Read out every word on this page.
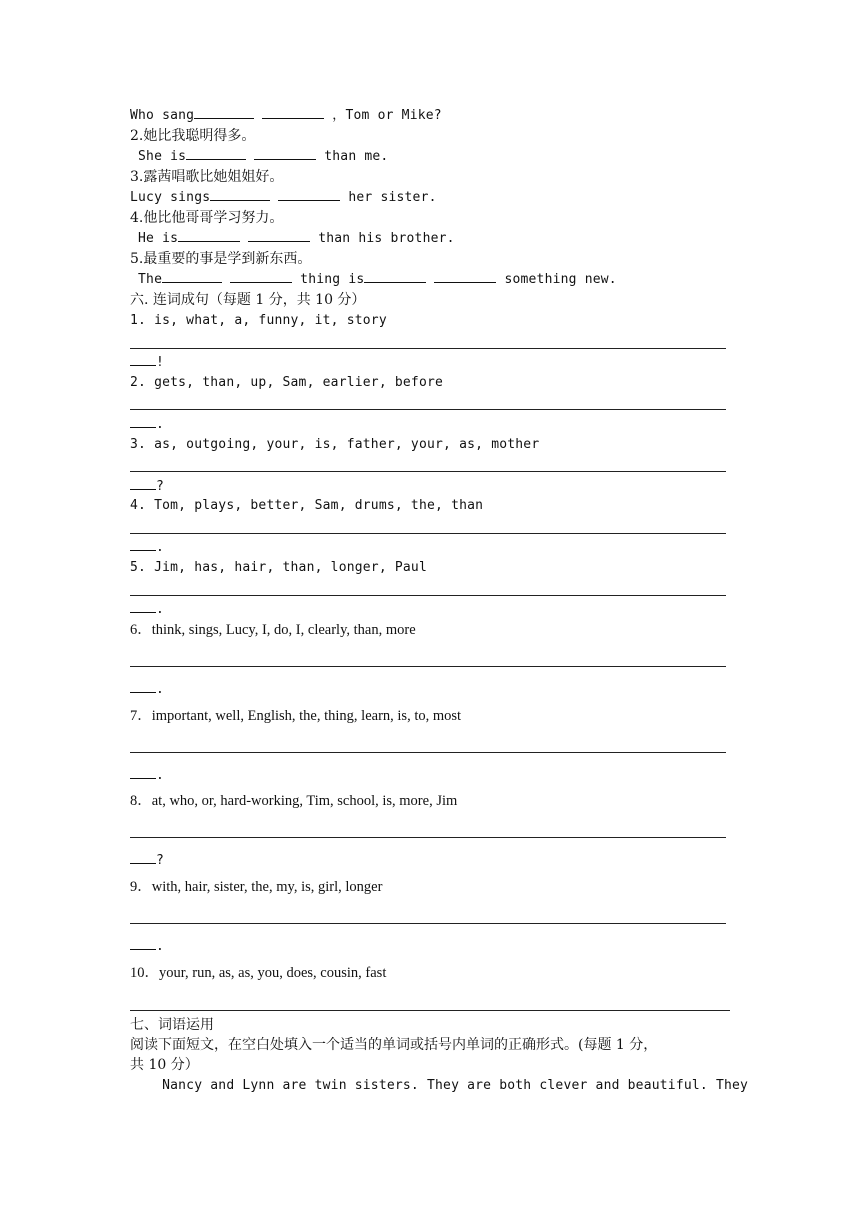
Who sang	，Tom or Mike?
2.她比我聪明得多。
She is	than me.
3.露茜唱歌比她姐姐好。
Lucy sings	her sister.
4.他比他哥哥学习努力。
He is	than his brother.
5.最重要的事是学到新东西。
The	thing is	something new.
六. 连词成句（每题 1 分，共 10 分）
1. is, what, a, funny, it, story
!
2. gets, than, up, Sam, earlier, before
.
3. as, outgoing, your, is, father, your, as, mother
?
4. Tom, plays, better, Sam, drums, the, than
.
5. Jim, has, hair, than, longer, Paul
.
6．think, sings, Lucy, I, do, I, clearly, than, more
.
7．important, well, English, the, thing, learn, is, to, most
.
8．at, who, or, hard-working, Tim, school, is, more, Jim
?
9．with, hair, sister, the, my, is, girl, longer
.
10．your, run, as, as, you, does, cousin, fast
七、词语运用
阅读下面短文，在空白处填入一个适当的单词或括号内单词的正确形式。(每题 1 分，
共 10 分）
Nancy and Lynn are twin sisters. They are both clever and beautiful. They
